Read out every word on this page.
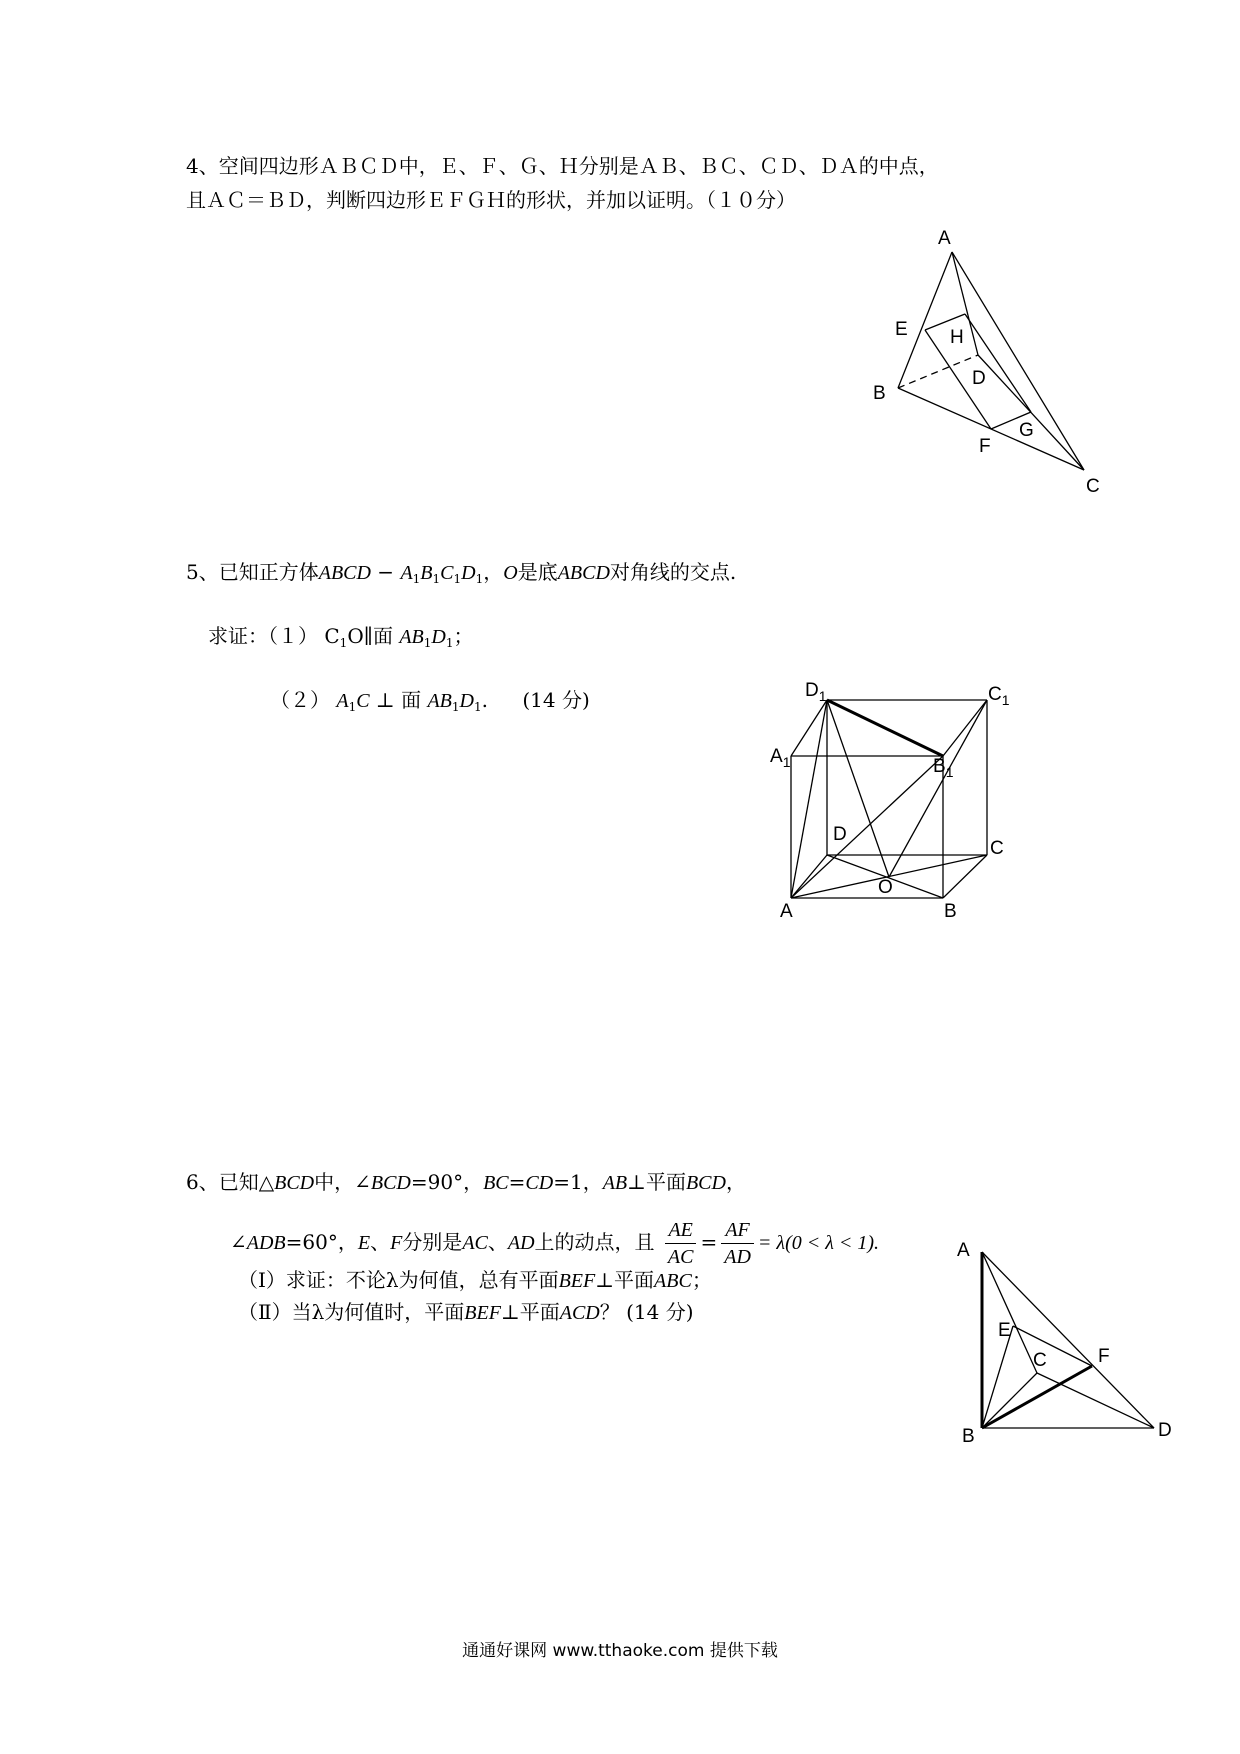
4、空间四边形ＡＢＣＤ中，Ｅ、Ｆ、Ｇ、Ｈ分别是ＡＢ、ＢＣ、ＣＤ、ＤＡ的中点，
且ＡＣ＝ＢＤ，判断四边形ＥＦＧＨ的形状，并加以证明。（１０分）
A
E H
D
B
F
G
C
5、已知正方体ABCD − $A_1B_1C_1D_1$，O是底ABCD对角线的交点.
求证：（１） $C_1O\parallel$面 $AB_1D_1$；
（２） $A_1C$ ⊥ 面 $AB_1D_1$. (14 分)	$D_1$	$C_1$
$B_1$
$A_1$
D
C
O
A	B
6、已知△BCD中，∠BCD=90°，BC=CD=1，AB⊥平面BCD，
∠ADB=60°，E、F分别是AC、AD上的动点，且 $\frac{AE}{AC} = \frac{AF}{AD} = \lambda(0 < \lambda < 1)$.
（Ⅰ）求证：不论λ为何值，总有平面BEF⊥平面ABC；
（Ⅱ）当λ为何值时，平面BEF⊥平面ACD？ (14 分)
A
E
C	F
B	D
通通好课网 www.tthaoke.com 提供下载
